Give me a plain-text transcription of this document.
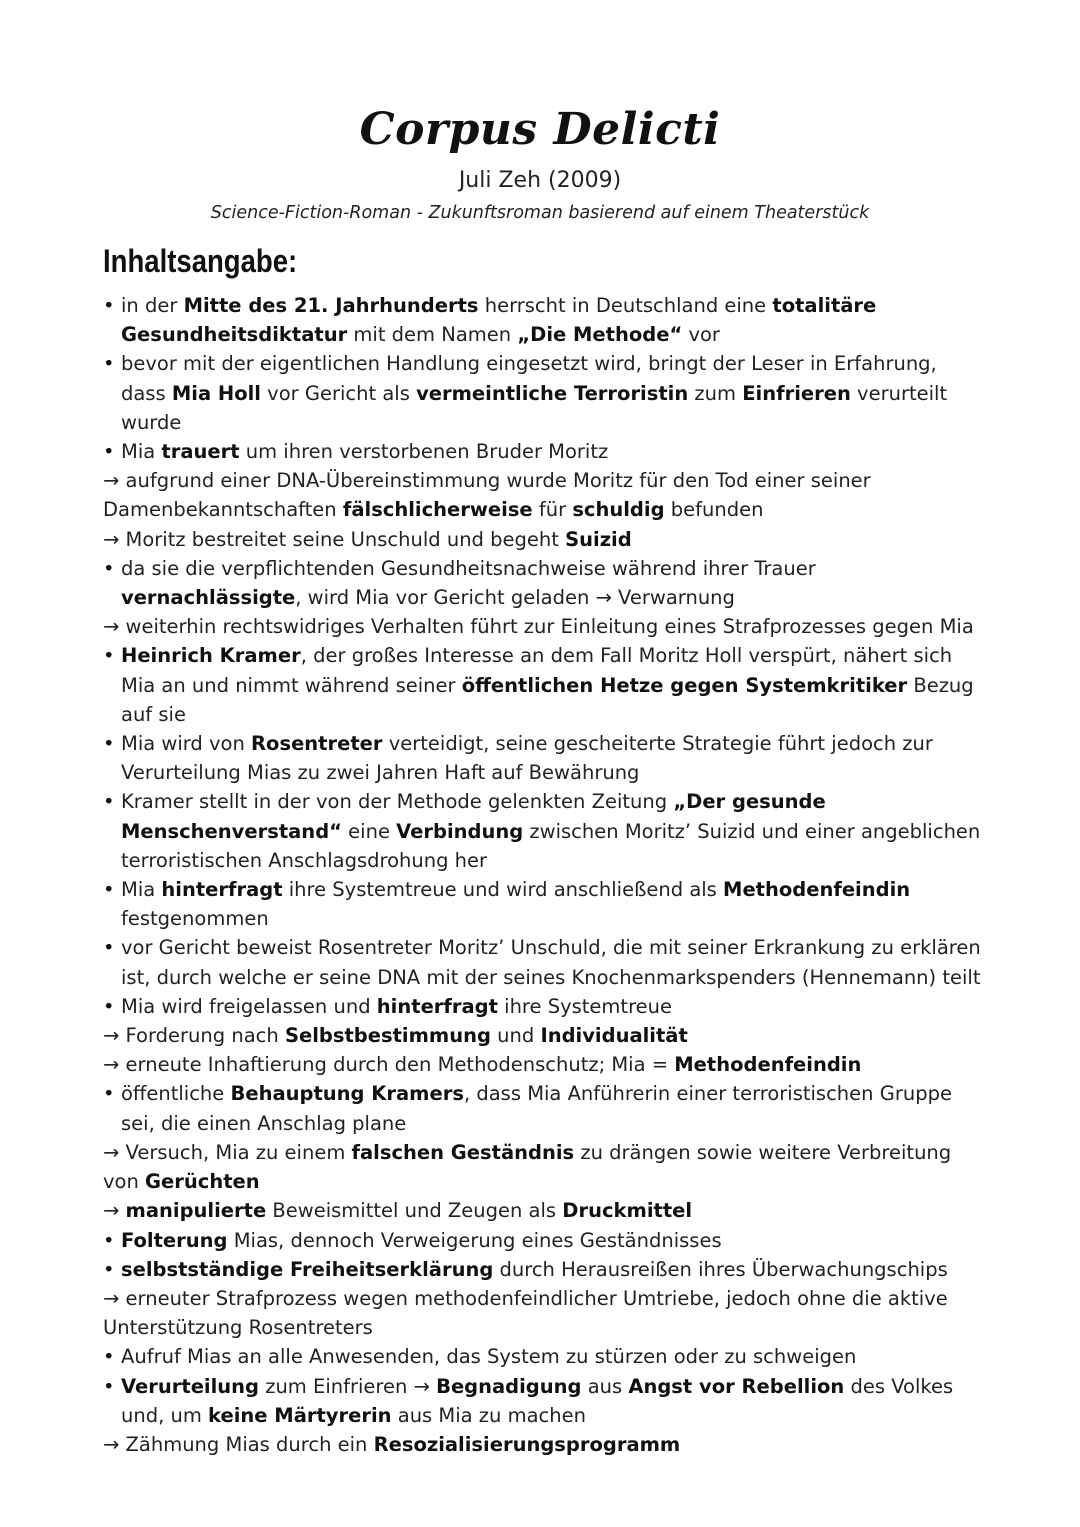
Corpus Delicti
Juli Zeh (2009)
Science-Fiction-Roman - Zukunftsroman basierend auf einem Theaterstück
Inhaltsangabe:
• in der Mitte des 21. Jahrhunderts herrscht in Deutschland eine totalitäre Gesundheitsdiktatur mit dem Namen „Die Methode“ vor
• bevor mit der eigentlichen Handlung eingesetzt wird, bringt der Leser in Erfahrung, dass Mia Holl vor Gericht als vermeintliche Terroristin zum Einfrieren verurteilt wurde
• Mia trauert um ihren verstorbenen Bruder Moritz
→ aufgrund einer DNA-Übereinstimmung wurde Moritz für den Tod einer seiner Damenbekanntschaften fälschlicherweise für schuldig befunden
→ Moritz bestreitet seine Unschuld und begeht Suizid
• da sie die verpflichtenden Gesundheitsnachweise während ihrer Trauer vernachlässigte, wird Mia vor Gericht geladen → Verwarnung
→ weiterhin rechtswidriges Verhalten führt zur Einleitung eines Strafprozesses gegen Mia
• Heinrich Kramer, der großes Interesse an dem Fall Moritz Holl verspürt, nähert sich Mia an und nimmt während seiner öffentlichen Hetze gegen Systemkritiker Bezug auf sie
• Mia wird von Rosentreter verteidigt, seine gescheiterte Strategie führt jedoch zur Verurteilung Mias zu zwei Jahren Haft auf Bewährung
• Kramer stellt in der von der Methode gelenkten Zeitung „Der gesunde Menschenverstand“ eine Verbindung zwischen Moritz’ Suizid und einer angeblichen terroristischen Anschlagsdrohung her
• Mia hinterfragt ihre Systemtreue und wird anschließend als Methodenfeindin festgenommen
• vor Gericht beweist Rosentreter Moritz’ Unschuld, die mit seiner Erkrankung zu erklären ist, durch welche er seine DNA mit der seines Knochenmarkspenders (Hennemann) teilt
• Mia wird freigelassen und hinterfragt ihre Systemtreue
→ Forderung nach Selbstbestimmung und Individualität
→ erneute Inhaftierung durch den Methodenschutz; Mia = Methodenfeindin
• öffentliche Behauptung Kramers, dass Mia Anführerin einer terroristischen Gruppe sei, die einen Anschlag plane
→ Versuch, Mia zu einem falschen Geständnis zu drängen sowie weitere Verbreitung von Gerüchten
→ manipulierte Beweismittel und Zeugen als Druckmittel
• Folterung Mias, dennoch Verweigerung eines Geständnisses
• selbstständige Freiheitserklärung durch Herausreißen ihres Überwachungschips
→ erneuter Strafprozess wegen methodenfeindlicher Umtriebe, jedoch ohne die aktive Unterstützung Rosentreters
• Aufruf Mias an alle Anwesenden, das System zu stürzen oder zu schweigen
• Verurteilung zum Einfrieren → Begnadigung aus Angst vor Rebellion des Volkes und, um keine Märtyrerin aus Mia zu machen
→ Zähmung Mias durch ein Resozialisierungsprogramm
